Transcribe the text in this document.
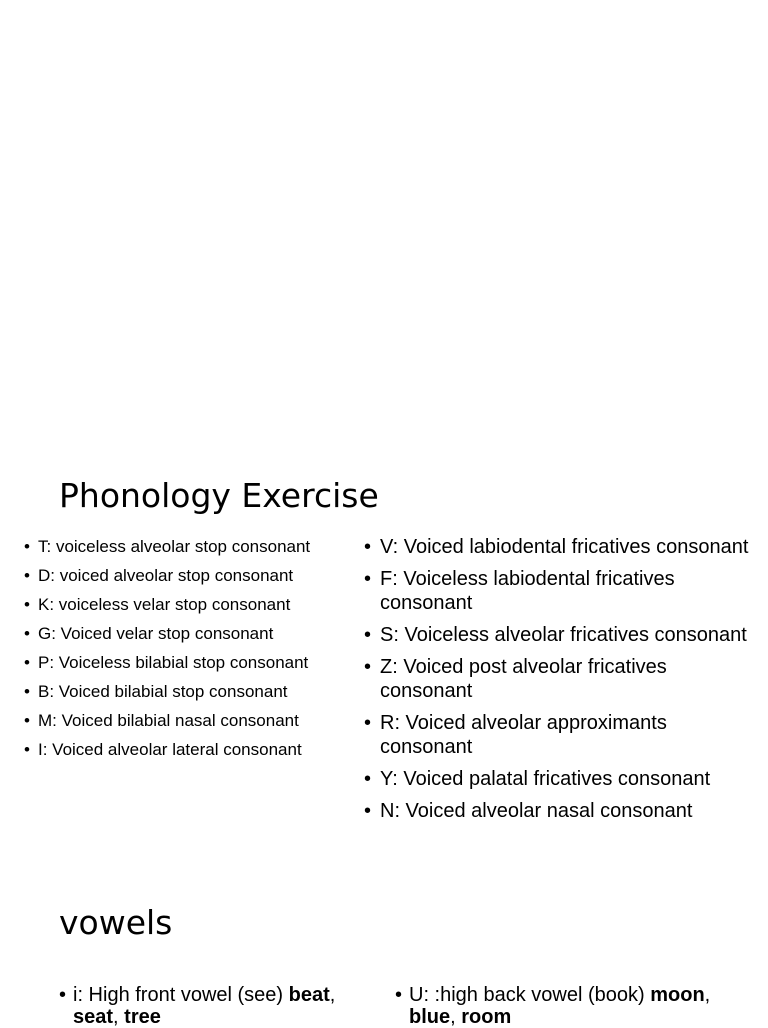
Phonology Exercise
• T: voiceless alveolar stop consonant
• D: voiced alveolar stop consonant
• K: voiceless velar stop consonant
• G: Voiced velar stop consonant
• P: Voiceless bilabial stop consonant
• B: Voiced bilabial stop consonant
• M: Voiced bilabial nasal consonant
• I: Voiced alveolar lateral consonant
• V: Voiced labiodental fricatives consonant
• F: Voiceless labiodental fricatives consonant
• S: Voiceless alveolar fricatives consonant
• Z: Voiced post alveolar fricatives consonant
• R: Voiced alveolar approximants consonant
• Y: Voiced palatal fricatives consonant
• N: Voiced alveolar nasal consonant
vowels
• i: High front vowel (see) beat, seat, tree
• U: :high back vowel (book) moon, blue, room
